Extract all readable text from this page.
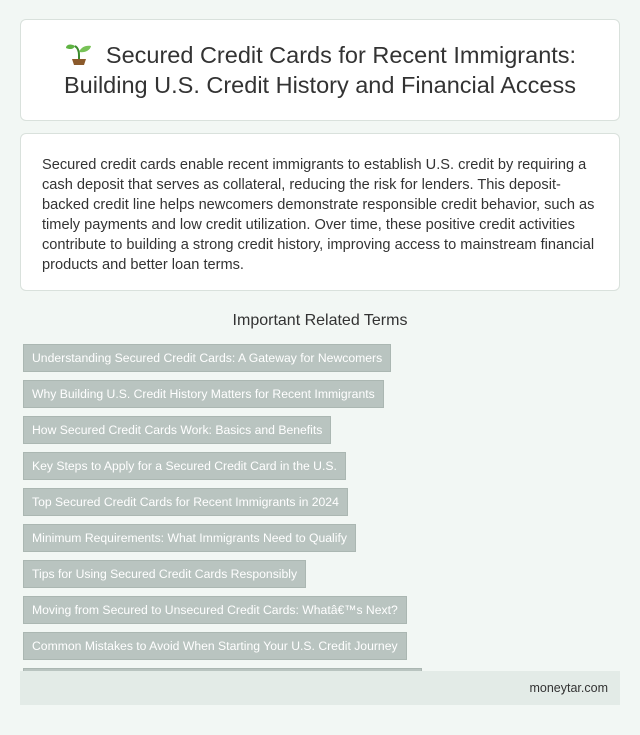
Secured Credit Cards for Recent Immigrants: Building U.S. Credit History and Financial Access

Secured credit cards enable recent immigrants to establish U.S. credit by requiring a cash deposit that serves as collateral, reducing the risk for lenders. This deposit-backed credit line helps newcomers demonstrate responsible credit behavior, such as timely payments and low credit utilization. Over time, these positive credit activities contribute to building a strong credit history, improving access to mainstream financial products and better loan terms.

Important Related Terms
Understanding Secured Credit Cards: A Gateway for Newcomers
Why Building U.S. Credit History Matters for Recent Immigrants
How Secured Credit Cards Work: Basics and Benefits
Key Steps to Apply for a Secured Credit Card in the U.S.
Top Secured Credit Cards for Recent Immigrants in 2024
Minimum Requirements: What Immigrants Need to Qualify
Tips for Using Secured Credit Cards Responsibly
Moving from Secured to Unsecured Credit Cards: Whatâ€™s Next?
Common Mistakes to Avoid When Starting Your U.S. Credit Journey
moneytar.com
